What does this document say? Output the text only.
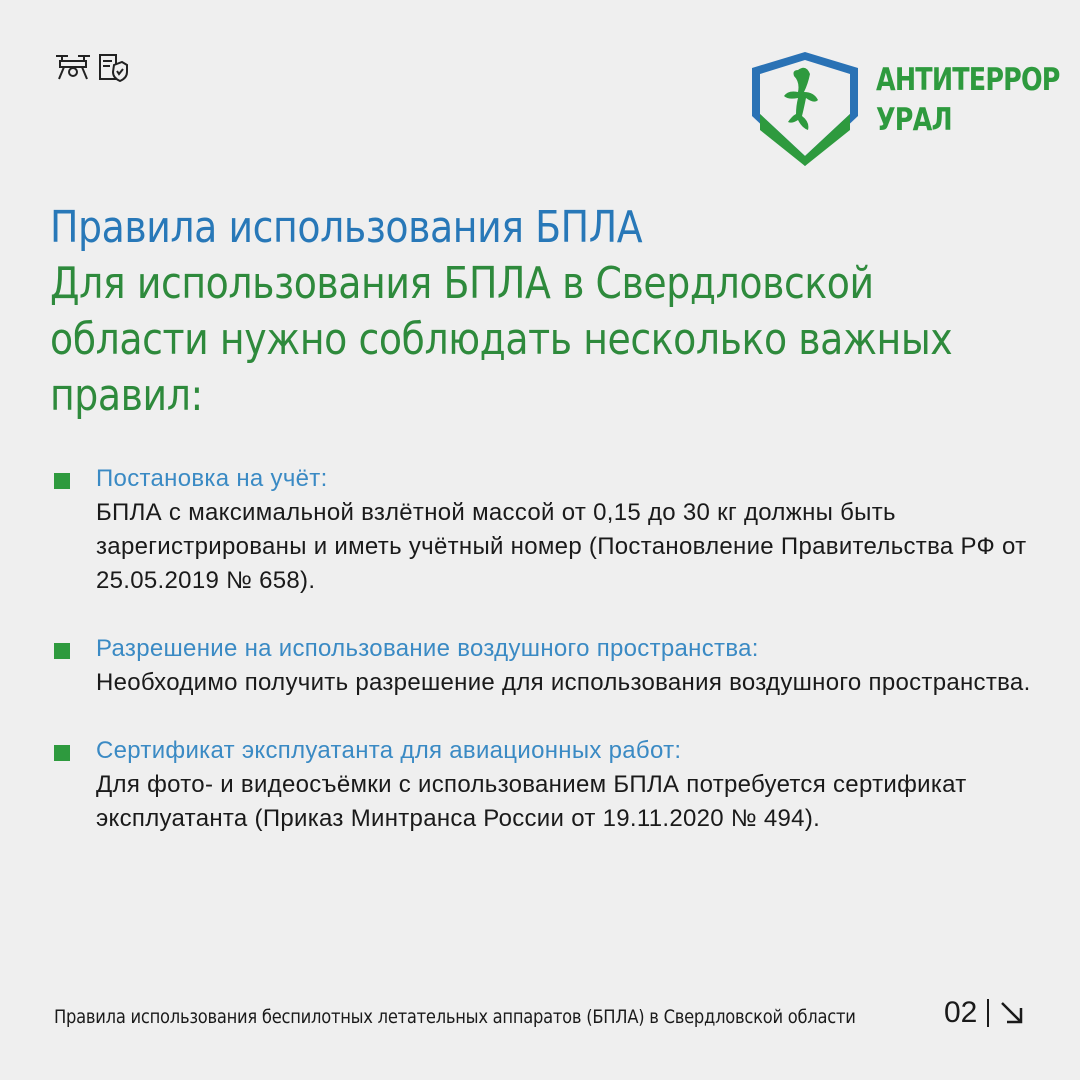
АНТИТЕРРОР
УРАЛ
Правила использования БПЛА
Для использования БПЛА в Свердловской области нужно соблюдать несколько важных правил:
Постановка на учёт:
БПЛА с максимальной взлётной массой от 0,15 до 30 кг должны быть зарегистрированы и иметь учётный номер (Постановление Правительства РФ от 25.05.2019 № 658).
Разрешение на использование воздушного пространства:
Необходимо получить разрешение для использования воздушного пространства.
Сертификат эксплуатанта для авиационных работ:
Для фото- и видеосъёмки с использованием БПЛА потребуется сертификат эксплуатанта (Приказ Минтранса России от 19.11.2020 № 494).
Правила использования беспилотных летательных аппаратов (БПЛА) в Свердловской области	02
